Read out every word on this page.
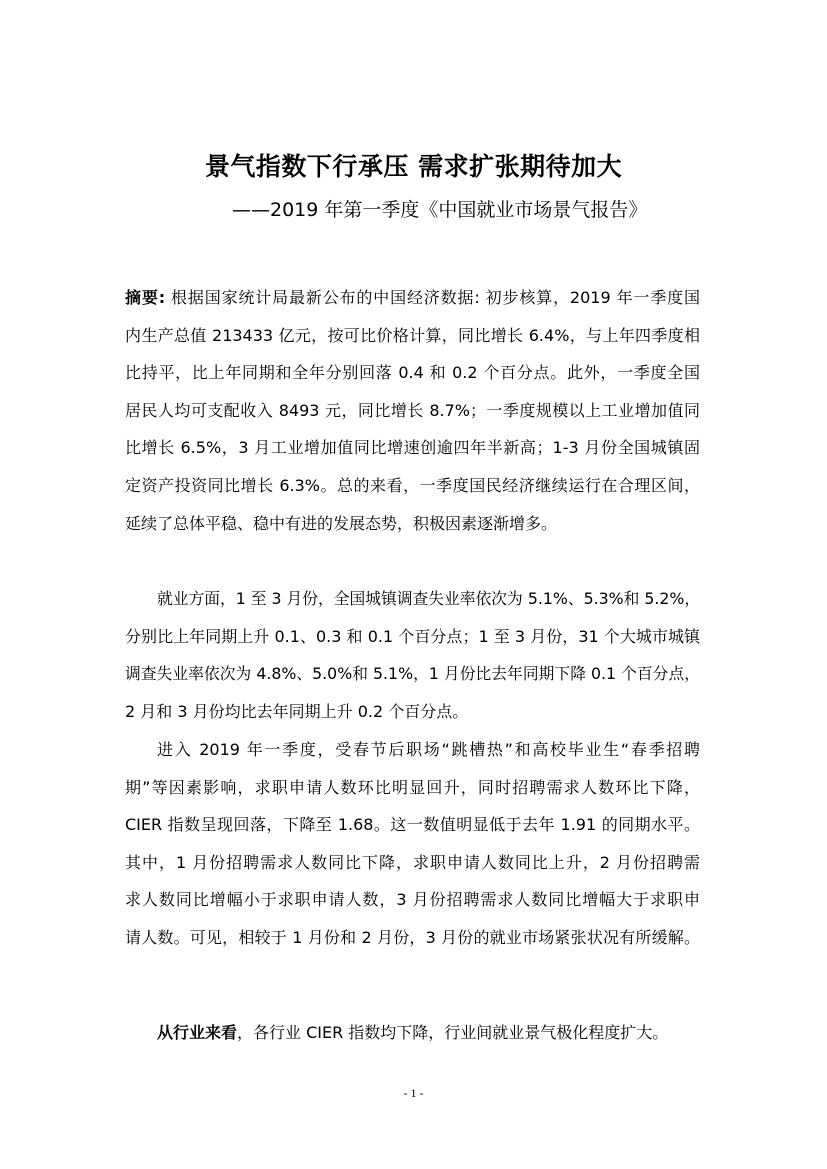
景气指数下行承压 需求扩张期待加大
——2019 年第一季度《中国就业市场景气报告》
摘要: 根据国家统计局最新公布的中国经济数据: 初步核算，2019 年一季度国
内生产总值 213433 亿元，按可比价格计算，同比增长 6.4%，与上年四季度相
比持平，比上年同期和全年分别回落 0.4 和 0.2 个百分点。此外，一季度全国
居民人均可支配收入 8493 元，同比增长 8.7%；一季度规模以上工业增加值同
比增长 6.5%，3 月工业增加值同比增速创逾四年半新高；1-3 月份全国城镇固
定资产投资同比增长 6.3%。总的来看，一季度国民经济继续运行在合理区间，
延续了总体平稳、稳中有进的发展态势，积极因素逐渐增多。
就业方面，1 至 3 月份，全国城镇调查失业率依次为 5.1%、5.3%和 5.2%，
分别比上年同期上升 0.1、0.3 和 0.1 个百分点；1 至 3 月份，31 个大城市城镇
调查失业率依次为 4.8%、5.0%和 5.1%，1 月份比去年同期下降 0.1 个百分点，
2 月和 3 月份均比去年同期上升 0.2 个百分点。
进入 2019 年一季度，受春节后职场“跳槽热”和高校毕业生“春季招聘
期”等因素影响，求职申请人数环比明显回升，同时招聘需求人数环比下降，
CIER 指数呈现回落，下降至 1.68。这一数值明显低于去年 1.91 的同期水平。
其中，1 月份招聘需求人数同比下降，求职申请人数同比上升，2 月份招聘需
求人数同比增幅小于求职申请人数，3 月份招聘需求人数同比增幅大于求职申
请人数。可见，相较于 1 月份和 2 月份，3 月份的就业市场紧张状况有所缓解。
从行业来看，各行业 CIER 指数均下降，行业间就业景气极化程度扩大。
- 1 -
